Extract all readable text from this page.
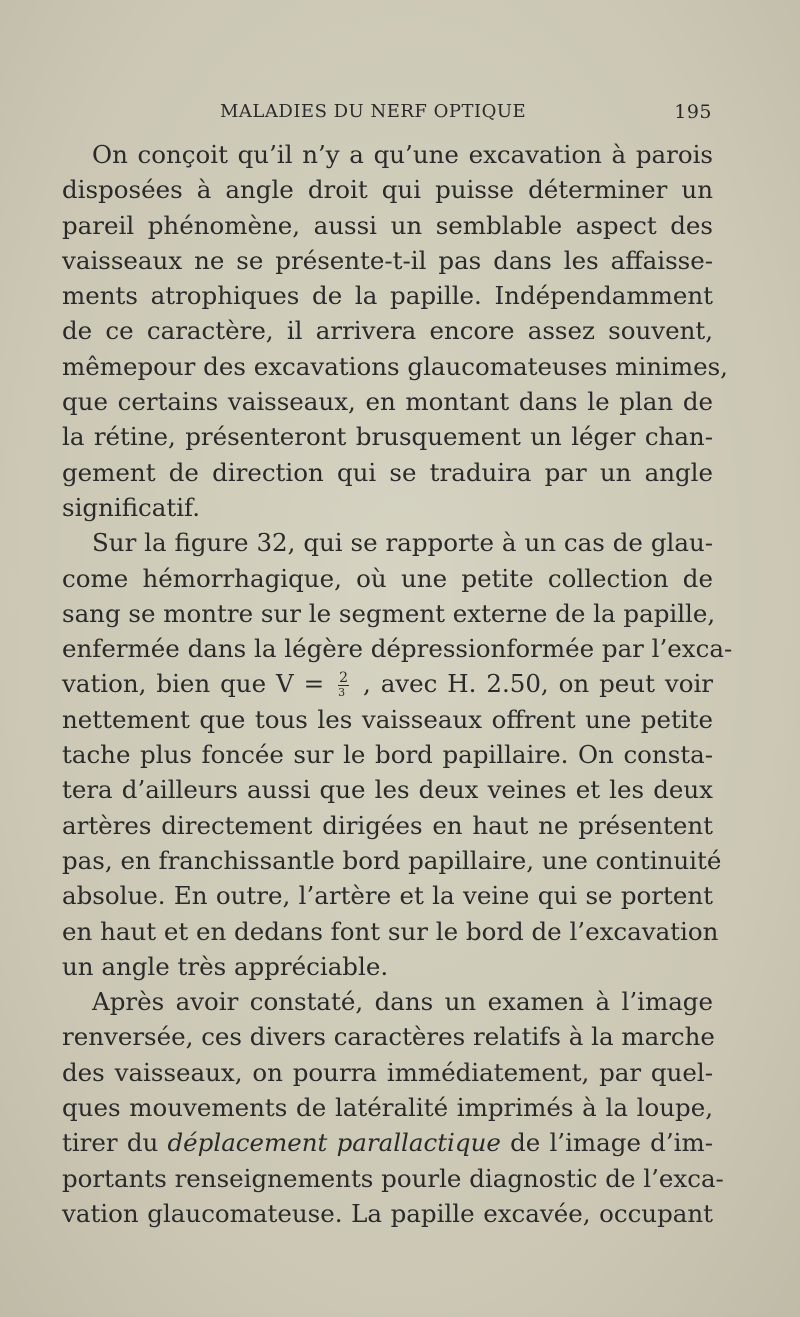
MALADIES DU NERF OPTIQUE	195
On conçoit qu’il n’y a qu’une excavation à parois
disposées à angle droit qui puisse déterminer un
pareil phénomène, aussi un semblable aspect des
vaisseaux ne se présente-t-il pas dans les affaisse-
ments atrophiques de la papille. Indépendamment
de ce caractère, il arrivera encore assez souvent,
mêmepour des excavations glaucomateuses minimes,
que certains vaisseaux, en montant dans le plan de
la rétine, présenteront brusquement un léger chan-
gement de direction qui se traduira par un angle
significatif.
Sur la figure 32, qui se rapporte à un cas de glau-
come hémorrhagique, où une petite collection de
sang se montre sur le segment externe de la papille,
enfermée dans la légère dépressionformée par l’exca-
vation, bien que $V = \frac{2}{3}$ , avec H. 2.50, on peut voir
nettement que tous les vaisseaux offrent une petite
tache plus foncée sur le bord papillaire. On consta-
tera d’ailleurs aussi que les deux veines et les deux
artères directement dirigées en haut ne présentent
pas, en franchissantle bord papillaire, une continuité
absolue. En outre, l’artère et la veine qui se portent
en haut et en dedans font sur le bord de l’excavation
un angle très appréciable.
Après avoir constaté, dans un examen à l’image
renversée, ces divers caractères relatifs à la marche
des vaisseaux, on pourra immédiatement, par quel-
ques mouvements de latéralité imprimés à la loupe,
tirer du déplacement parallactique de l’image d’im-
portants renseignements pourle diagnostic de l’exca-
vation glaucomateuse. La papille excavée, occupant
